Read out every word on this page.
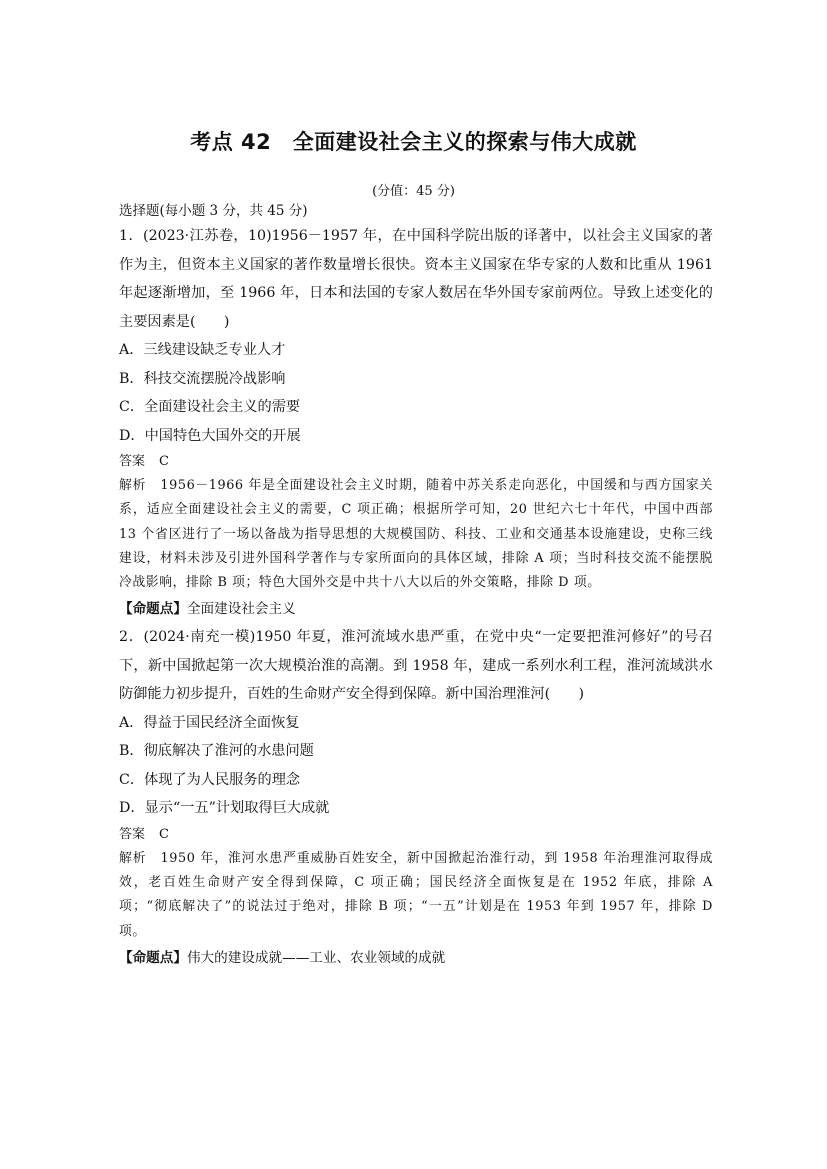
考点 42　全面建设社会主义的探索与伟大成就
(分值：45 分)
选择题(每小题 3 分，共 45 分)

1．(2023·江苏卷，10)1956－1957 年，在中国科学院出版的译著中，以社会主义国家的著作为主，但资本主义国家的著作数量增长很快。资本主义国家在华专家的人数和比重从 1961 年起逐渐增加，至 1966 年，日本和法国的专家人数居在华外国专家前两位。导致上述变化的主要因素是(　　)

A．三线建设缺乏专业人才
B．科技交流摆脱冷战影响
C．全面建设社会主义的需要
D．中国特色大国外交的开展
答案 C

解析 1956－1966 年是全面建设社会主义时期，随着中苏关系走向恶化，中国缓和与西方国家关系，适应全面建设社会主义的需要，C 项正确；根据所学可知，20 世纪六七十年代，中国中西部 13 个省区进行了一场以备战为指导思想的大规模国防、科技、工业和交通基本设施建设，史称三线建设，材料未涉及引进外国科学著作与专家所面向的具体区域，排除 A 项；当时科技交流不能摆脱冷战影响，排除 B 项；特色大国外交是中共十八大以后的外交策略，排除 D 项。

【命题点】全面建设社会主义

2．(2024·南充一模)1950 年夏，淮河流域水患严重，在党中央“一定要把淮河修好”的号召下，新中国掀起第一次大规模治淮的高潮。到 1958 年，建成一系列水利工程，淮河流域洪水防御能力初步提升，百姓的生命财产安全得到保障。新中国治理淮河(　　)

A．得益于国民经济全面恢复
B．彻底解决了淮河的水患问题
C．体现了为人民服务的理念
D．显示“一五”计划取得巨大成就
答案 C

解析 1950 年，淮河水患严重威胁百姓安全，新中国掀起治淮行动，到 1958 年治理淮河取得成效，老百姓生命财产安全得到保障，C 项正确；国民经济全面恢复是在 1952 年底，排除 A 项；“彻底解决了”的说法过于绝对，排除 B 项；“一五”计划是在 1953 年到 1957 年，排除 D 项。

【命题点】伟大的建设成就——工业、农业领域的成就
